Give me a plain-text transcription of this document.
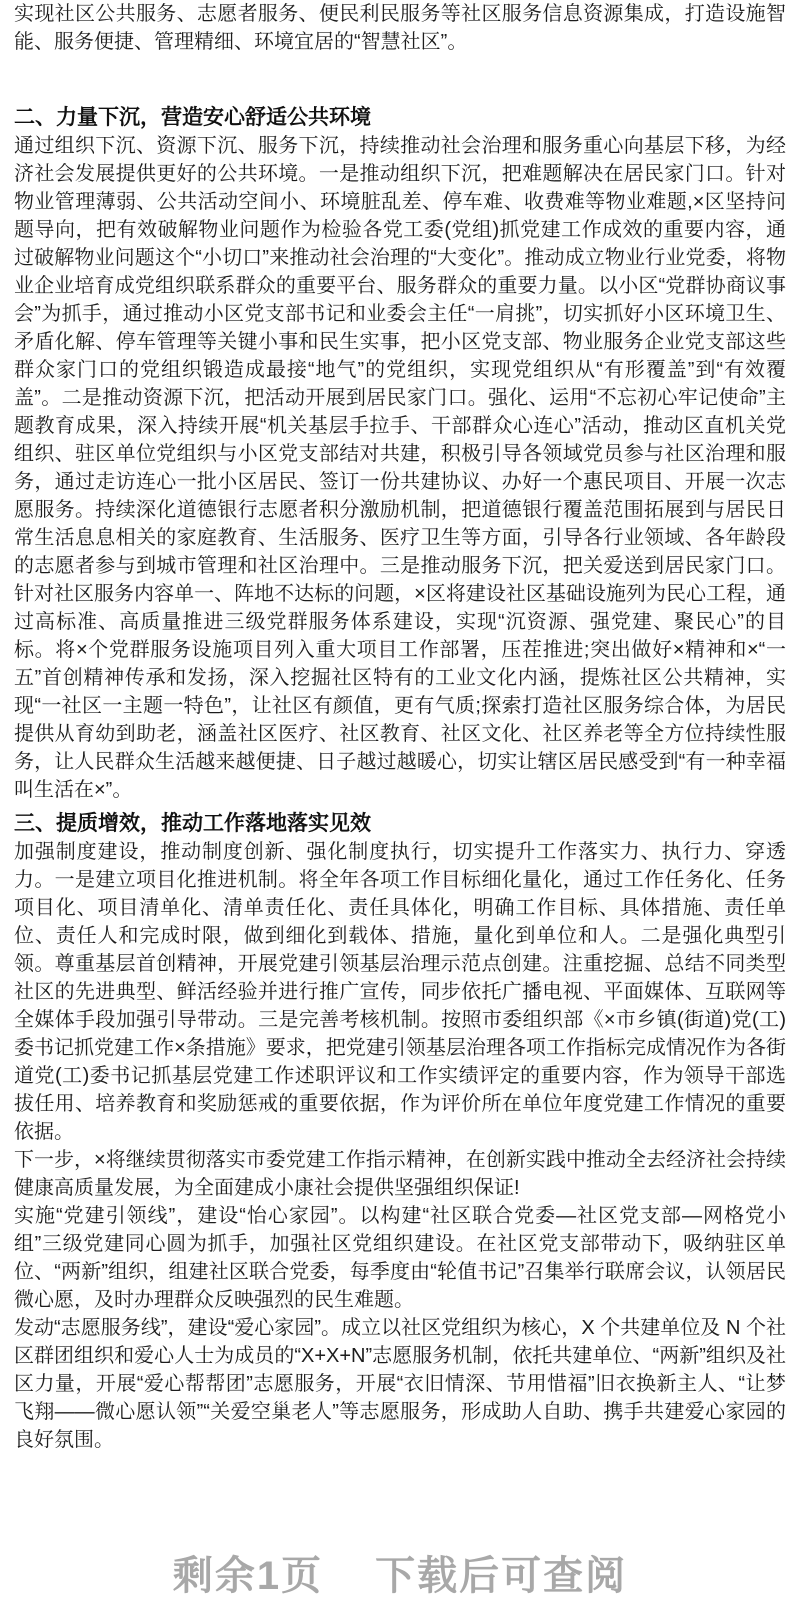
实现社区公共服务、志愿者服务、便民利民服务等社区服务信息资源集成，打造设施智能、服务便捷、管理精细、环境宜居的“智慧社区”。

二、力量下沉，营造安心舒适公共环境

通过组织下沉、资源下沉、服务下沉，持续推动社会治理和服务重心向基层下移，为经济社会发展提供更好的公共环境。一是推动组织下沉，把难题解决在居民家门口。针对物业管理薄弱、公共活动空间小、环境脏乱差、停车难、收费难等物业难题,×区坚持问题导向，把有效破解物业问题作为检验各党工委(党组)抓党建工作成效的重要内容，通过破解物业问题这个“小切口”来推动社会治理的“大变化”。推动成立物业行业党委，将物业企业培育成党组织联系群众的重要平台、服务群众的重要力量。以小区“党群协商议事会”为抓手，通过推动小区党支部书记和业委会主任“一肩挑”，切实抓好小区环境卫生、矛盾化解、停车管理等关键小事和民生实事，把小区党支部、物业服务企业党支部这些群众家门口的党组织锻造成最接“地气”的党组织，实现党组织从“有形覆盖”到“有效覆盖”。二是推动资源下沉，把活动开展到居民家门口。强化、运用“不忘初心牢记使命”主题教育成果，深入持续开展“机关基层手拉手、干部群众心连心”活动，推动区直机关党组织、驻区单位党组织与小区党支部结对共建，积极引导各领域党员参与社区治理和服务，通过走访连心一批小区居民、签订一份共建协议、办好一个惠民项目、开展一次志愿服务。持续深化道德银行志愿者积分激励机制，把道德银行覆盖范围拓展到与居民日常生活息息相关的家庭教育、生活服务、医疗卫生等方面，引导各行业领域、各年龄段的志愿者参与到城市管理和社区治理中。三是推动服务下沉，把关爱送到居民家门口。针对社区服务内容单一、阵地不达标的问题，×区将建设社区基础设施列为民心工程，通过高标准、高质量推进三级党群服务体系建设，实现“沉资源、强党建、聚民心”的目标。将×个党群服务设施项目列入重大项目工作部署，压茬推进;突出做好×精神和×“一五”首创精神传承和发扬，深入挖掘社区特有的工业文化内涵，提炼社区公共精神，实现“一社区一主题一特色”，让社区有颜值，更有气质;探索打造社区服务综合体，为居民提供从育幼到助老，涵盖社区医疗、社区教育、社区文化、社区养老等全方位持续性服务，让人民群众生活越来越便捷、日子越过越暖心，切实让辖区居民感受到“有一种幸福叫生活在×”。

三、提质增效，推动工作落地落实见效

加强制度建设，推动制度创新、强化制度执行，切实提升工作落实力、执行力、穿透力。一是建立项目化推进机制。将全年各项工作目标细化量化，通过工作任务化、任务项目化、项目清单化、清单责任化、责任具体化，明确工作目标、具体措施、责任单位、责任人和完成时限，做到细化到载体、措施，量化到单位和人。二是强化典型引领。尊重基层首创精神，开展党建引领基层治理示范点创建。注重挖掘、总结不同类型社区的先进典型、鲜活经验并进行推广宣传，同步依托广播电视、平面媒体、互联网等全媒体手段加强引导带动。三是完善考核机制。按照市委组织部《×市乡镇(街道)党(工)委书记抓党建工作×条措施》要求，把党建引领基层治理各项工作指标完成情况作为各街道党(工)委书记抓基层党建工作述职评议和工作实绩评定的重要内容，作为领导干部选拔任用、培养教育和奖励惩戒的重要依据，作为评价所在单位年度党建工作情况的重要依据。

下一步，×将继续贯彻落实市委党建工作指示精神，在创新实践中推动全去经济社会持续健康高质量发展，为全面建成小康社会提供坚强组织保证!

实施“党建引领线”，建设“怡心家园”。以构建“社区联合党委—社区党支部—网格党小组”三级党建同心圆为抓手，加强社区党组织建设。在社区党支部带动下，吸纳驻区单位、“两新”组织，组建社区联合党委，每季度由“轮值书记”召集举行联席会议，认领居民微心愿，及时办理群众反映强烈的民生难题。

发动“志愿服务线”，建设“爱心家园”。成立以社区党组织为核心，X 个共建单位及 N 个社区群团组织和爱心人士为成员的“X+X+N”志愿服务机制，依托共建单位、“两新”组织及社区力量，开展“爱心帮帮团”志愿服务，开展“衣旧情深、节用惜福”旧衣换新主人、“让梦飞翔——微心愿认领”“关爱空巢老人”等志愿服务，形成助人自助、携手共建爱心家园的良好氛围。

剩余1页 下载后可查阅
